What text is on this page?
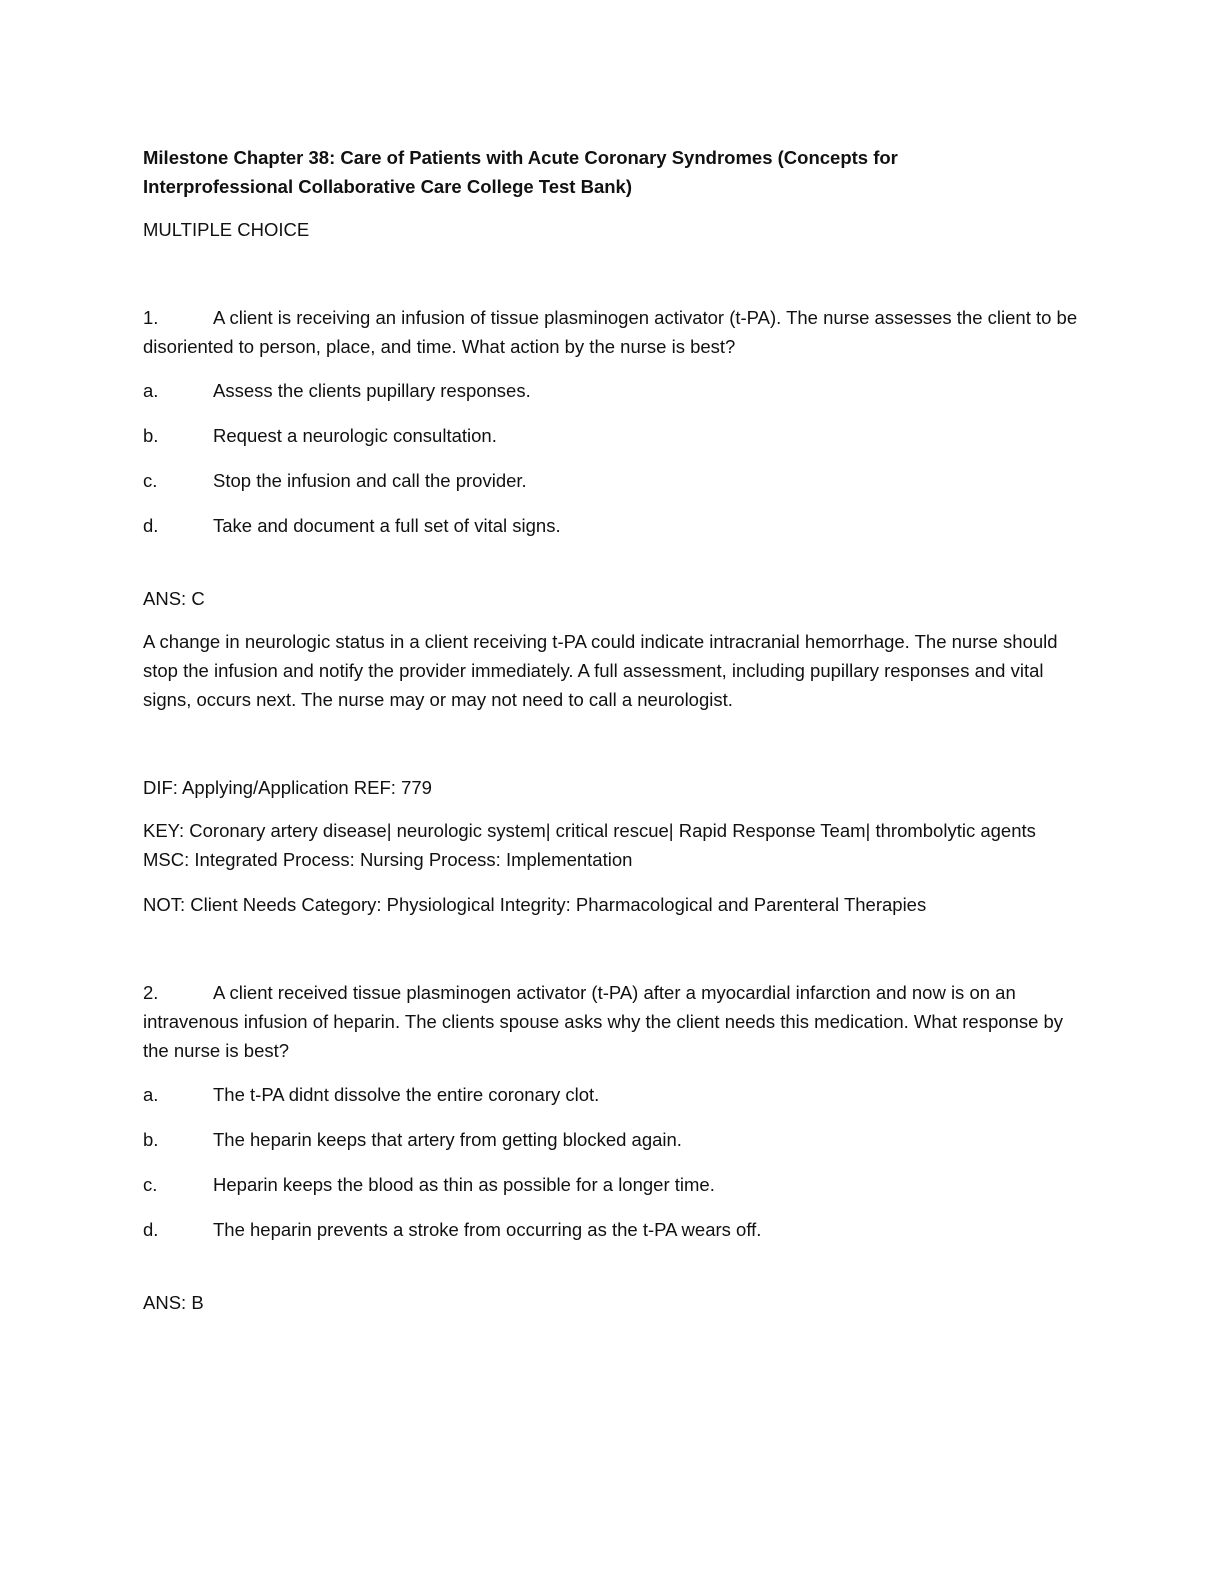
Milestone Chapter 38: Care of Patients with Acute Coronary Syndromes (Concepts for Interprofessional Collaborative Care College Test Bank)

MULTIPLE CHOICE

1.	A client is receiving an infusion of tissue plasminogen activator (t-PA). The nurse assesses the client to be disoriented to person, place, and time. What action by the nurse is best?

a.	Assess the clients pupillary responses.
b.	Request a neurologic consultation.
c.	Stop the infusion and call the provider.
d.	Take and document a full set of vital signs.

ANS: C

A change in neurologic status in a client receiving t-PA could indicate intracranial hemorrhage. The nurse should stop the infusion and notify the provider immediately. A full assessment, including pupillary responses and vital signs, occurs next. The nurse may or may not need to call a neurologist.

DIF: Applying/Application REF: 779

KEY: Coronary artery disease| neurologic system| critical rescue| Rapid Response Team| thrombolytic agents MSC: Integrated Process: Nursing Process: Implementation

NOT: Client Needs Category: Physiological Integrity: Pharmacological and Parenteral Therapies

2.	A client received tissue plasminogen activator (t-PA) after a myocardial infarction and now is on an intravenous infusion of heparin. The clients spouse asks why the client needs this medication. What response by the nurse is best?

a.	The t-PA didnt dissolve the entire coronary clot.
b.	The heparin keeps that artery from getting blocked again.
c.	Heparin keeps the blood as thin as possible for a longer time.
d.	The heparin prevents a stroke from occurring as the t-PA wears off.

ANS: B
